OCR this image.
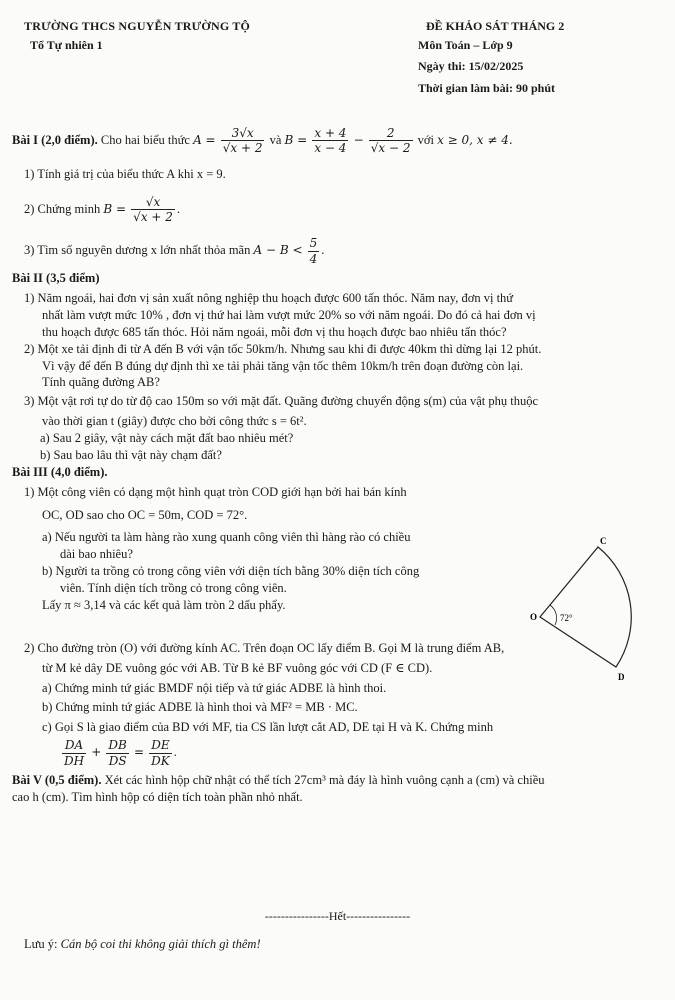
TRƯỜNG THCS NGUYỄN TRƯỜNG TỘ
Tổ Tự nhiên 1
ĐỀ KHẢO SÁT THÁNG 2
Môn Toán – Lớp 9
Ngày thi: 15/02/2025
Thời gian làm bài: 90 phút

Bài I (2,0 điểm). Cho hai biểu thức $A = \frac{3√x}{√x + 2}$ và $B = \frac{x + 4}{x - 4} - \frac{2}{√x - 2}$ với x ≥ 0, x ≠ 4.

1) Tính giá trị của biểu thức A khi x = 9.

2) Chứng minh $B = \frac{√x}{√x + 2}$ .

3) Tìm số nguyên dương x lớn nhất thỏa mãn $A - B < \frac{5}{4}$ .

Bài II (3,5 điểm)

1) Năm ngoái, hai đơn vị sản xuất nông nghiệp thu hoạch được 600 tấn thóc. Năm nay, đơn vị thứ

nhất làm vượt mức 10% , đơn vị thứ hai làm vượt mức 20% so với năm ngoái. Do đó cả hai đơn vị

thu hoạch được 685 tấn thóc. Hỏi năm ngoái, mỗi đơn vị thu hoạch được bao nhiêu tấn thóc?

2) Một xe tải định đi từ A đến B với vận tốc 50km/h. Nhưng sau khi đi được 40km thì dừng lại 12 phút.

Vì vậy để đến B đúng dự định thì xe tải phải tăng vận tốc thêm 10km/h trên đoạn đường còn lại.

Tính quãng đường AB?

3) Một vật rơi tự do từ độ cao 150m so với mặt đất. Quãng đường chuyển động s(m) của vật phụ thuộc

vào thời gian t (giây) được cho bởi công thức s = 6t².

a) Sau 2 giây, vật này cách mặt đất bao nhiêu mét?

b) Sau bao lâu thì vật này chạm đất?

Bài III (4,0 điểm).

1) Một công viên có dạng một hình quạt tròn COD giới hạn bởi hai bán kính

OC, OD sao cho OC = 50m, COD = 72°.

a) Nếu người ta làm hàng rào xung quanh công viên thì hàng rào có chiều

dài bao nhiêu?

b) Người ta trồng cỏ trong công viên với diện tích bằng 30% diện tích công

viên. Tính diện tích trồng cỏ trong công viên.

Lấy π ≈ 3,14 và các kết quả làm tròn 2 dấu phẩy.

2) Cho đường tròn (O) với đường kính AC. Trên đoạn OC lấy điểm B. Gọi M là trung điểm AB,

từ M kẻ dây DE vuông góc với AB. Từ B kẻ BF vuông góc với CD (F ∈ CD).

a) Chứng minh tứ giác BMDF nội tiếp và tứ giác ADBE là hình thoi.

b) Chứng minh tứ giác ADBE là hình thoi và MF² = MB · MC.

c) Gọi S là giao điểm của BD với MF, tia CS lần lượt cắt AD, DE tại H và K. Chứng minh

$\frac{DA}{DH} + \frac{DB}{DS} = \frac{DE}{DK}$ .

Bài V (0,5 điểm). Xét các hình hộp chữ nhật có thể tích 27cm³ mà đáy là hình vuông cạnh a (cm) và chiều

cao h (cm). Tìm hình hộp có diện tích toàn phần nhỏ nhất.

C
O
D
72°
----------------Hết----------------
Lưu ý: Cán bộ coi thi không giải thích gì thêm!
